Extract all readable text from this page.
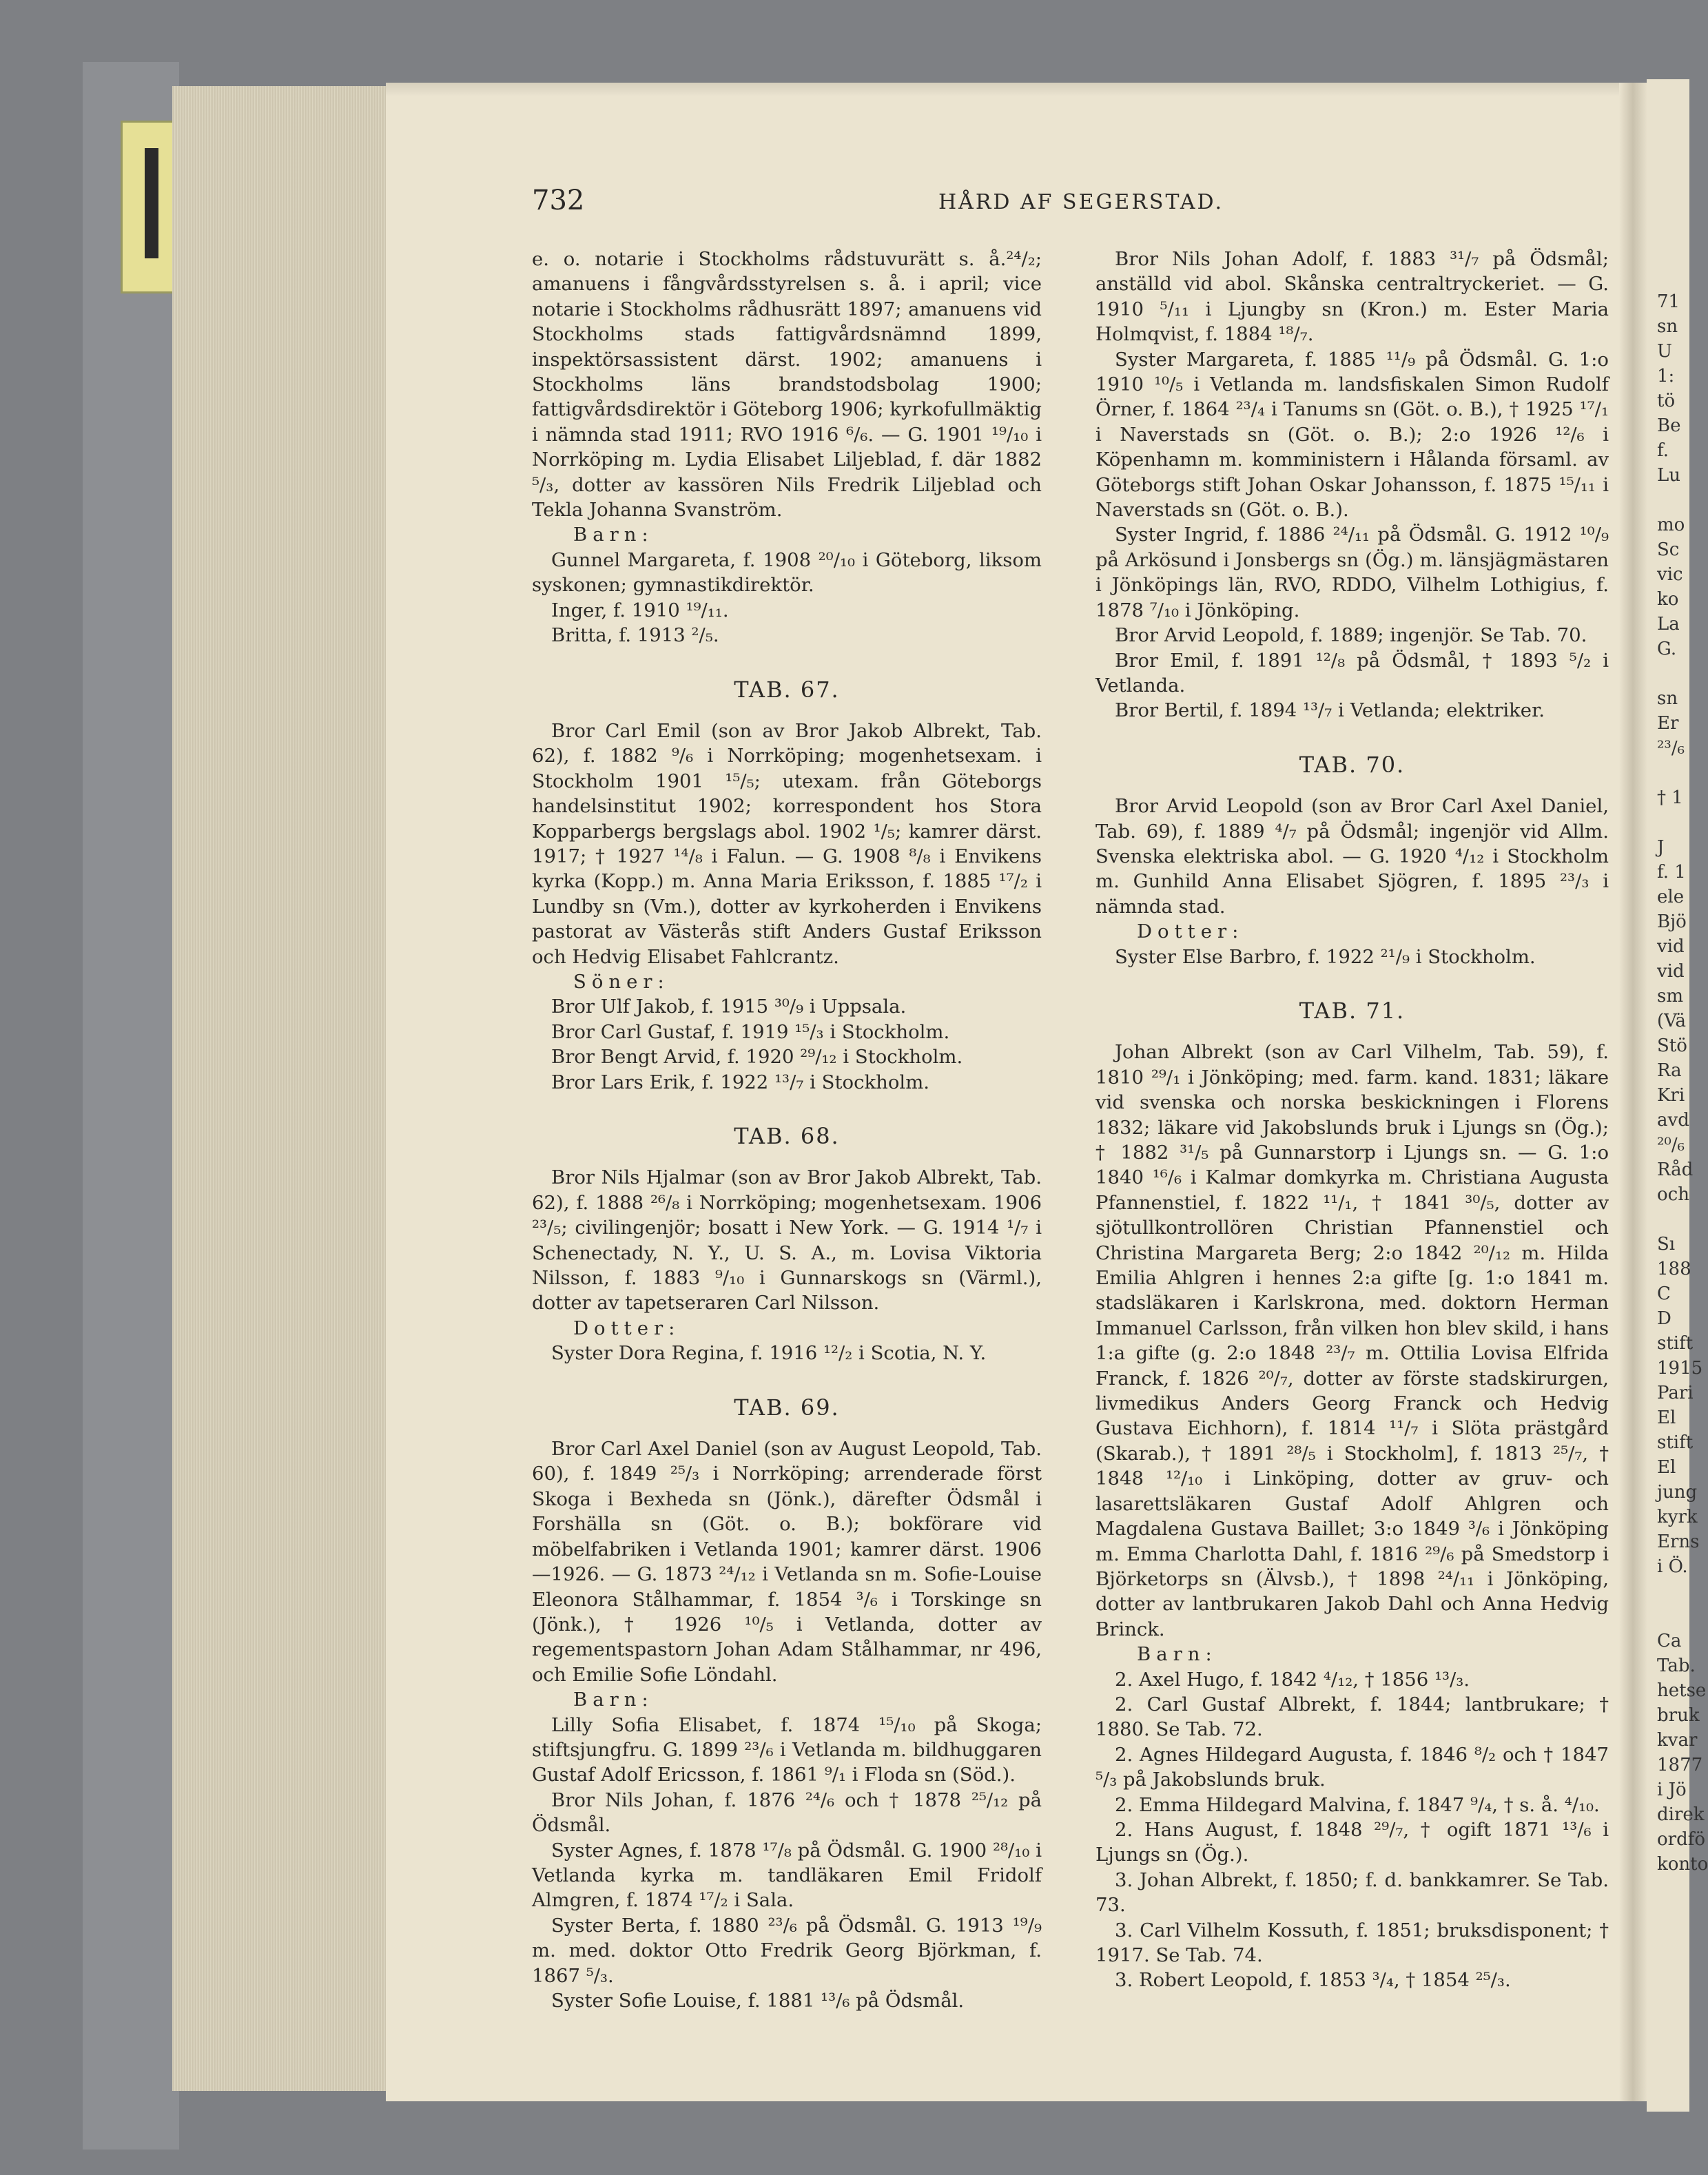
732	HÅRD AF SEGERSTAD.

e. o. notarie i Stockholms rådstuvurätt s. å.²⁴/₂; amanuens i fångvårdsstyrelsen s. å. i april; vice notarie i Stockholms rådhusrätt 1897; amanuens vid Stockholms stads fattigvårdsnämnd 1899, inspektörsassistent därst. 1902; amanuens i Stockholms läns brandstodsbolag 1900; fattigvårdsdirektör i Göteborg 1906; kyrkofullmäktig i nämnda stad 1911; RVO 1916 ⁶/₆. — G. 1901 ¹⁹/₁₀ i Norrköping m. Lydia Elisabet Liljeblad, f. där 1882 ⁵/₃, dotter av kassören Nils Fredrik Liljeblad och Tekla Johanna Svanström.

Barn:

Gunnel Margareta, f. 1908 ²⁰/₁₀ i Göteborg, liksom syskonen; gymnastikdirektör.

Inger, f. 1910 ¹⁹/₁₁.

Britta, f. 1913 ²/₅.

TAB. 67.

Bror Carl Emil (son av Bror Jakob Albrekt, Tab. 62), f. 1882 ⁹/₆ i Norrköping; mogenhetsexam. i Stockholm 1901 ¹⁵/₅; utexam. från Göteborgs handelsinstitut 1902; korrespondent hos Stora Kopparbergs bergslags abol. 1902 ¹/₅; kamrer därst. 1917; † 1927 ¹⁴/₈ i Falun. — G. 1908 ⁸/₈ i Envikens kyrka (Kopp.) m. Anna Maria Eriksson, f. 1885 ¹⁷/₂ i Lundby sn (Vm.), dotter av kyrkoherden i Envikens pastorat av Västerås stift Anders Gustaf Eriksson och Hedvig Elisabet Fahlcrantz.

Söner:

Bror Ulf Jakob, f. 1915 ³⁰/₉ i Uppsala.

Bror Carl Gustaf, f. 1919 ¹⁵/₃ i Stockholm.

Bror Bengt Arvid, f. 1920 ²⁹/₁₂ i Stockholm.

Bror Lars Erik, f. 1922 ¹³/₇ i Stockholm.

TAB. 68.

Bror Nils Hjalmar (son av Bror Jakob Albrekt, Tab. 62), f. 1888 ²⁶/₈ i Norrköping; mogenhetsexam. 1906 ²³/₅; civilingenjör; bosatt i New York. — G. 1914 ¹/₇ i Schenectady, N. Y., U. S. A., m. Lovisa Viktoria Nilsson, f. 1883 ⁹/₁₀ i Gunnarskogs sn (Värml.), dotter av tapetseraren Carl Nilsson.

Dotter:

Syster Dora Regina, f. 1916 ¹²/₂ i Scotia, N. Y.

TAB. 69.

Bror Carl Axel Daniel (son av August Leopold, Tab. 60), f. 1849 ²⁵/₃ i Norrköping; arrenderade först Skoga i Bexheda sn (Jönk.), därefter Ödsmål i Forshälla sn (Göt. o. B.); bokförare vid möbelfabriken i Vetlanda 1901; kamrer därst. 1906—1926. — G. 1873 ²⁴/₁₂ i Vetlanda sn m. Sofie-Louise Eleonora Stålhammar, f. 1854 ³/₆ i Torskinge sn (Jönk.), † 1926 ¹⁰/₅ i Vetlanda, dotter av regementspastorn Johan Adam Stålhammar, nr 496, och Emilie Sofie Löndahl.

Barn:

Lilly Sofia Elisabet, f. 1874 ¹⁵/₁₀ på Skoga; stiftsjungfru. G. 1899 ²³/₆ i Vetlanda m. bildhuggaren Gustaf Adolf Ericsson, f. 1861 ⁹/₁ i Floda sn (Söd.).

Bror Nils Johan, f. 1876 ²⁴/₆ och † 1878 ²⁵/₁₂ på Ödsmål.

Syster Agnes, f. 1878 ¹⁷/₈ på Ödsmål. G. 1900 ²⁸/₁₀ i Vetlanda kyrka m. tandläkaren Emil Fridolf Almgren, f. 1874 ¹⁷/₂ i Sala.

Syster Berta, f. 1880 ²³/₆ på Ödsmål. G. 1913 ¹⁹/₉ m. med. doktor Otto Fredrik Georg Björkman, f. 1867 ⁵/₃.

Syster Sofie Louise, f. 1881 ¹³/₆ på Ödsmål.

Bror Nils Johan Adolf, f. 1883 ³¹/₇ på Ödsmål; anställd vid abol. Skånska centraltryckeriet. — G. 1910 ⁵/₁₁ i Ljungby sn (Kron.) m. Ester Maria Holmqvist, f. 1884 ¹⁸/₇.

Syster Margareta, f. 1885 ¹¹/₉ på Ödsmål. G. 1:o 1910 ¹⁰/₅ i Vetlanda m. landsfiskalen Simon Rudolf Örner, f. 1864 ²³/₄ i Tanums sn (Göt. o. B.), † 1925 ¹⁷/₁ i Naverstads sn (Göt. o. B.); 2:o 1926 ¹²/₆ i Köpenhamn m. komministern i Hålanda församl. av Göteborgs stift Johan Oskar Johansson, f. 1875 ¹⁵/₁₁ i Naverstads sn (Göt. o. B.).

Syster Ingrid, f. 1886 ²⁴/₁₁ på Ödsmål. G. 1912 ¹⁰/₉ på Arkösund i Jonsbergs sn (Ög.) m. länsjägmästaren i Jönköpings län, RVO, RDDO, Vilhelm Lothigius, f. 1878 ⁷/₁₀ i Jönköping.

Bror Arvid Leopold, f. 1889; ingenjör. Se Tab. 70.

Bror Emil, f. 1891 ¹²/₈ på Ödsmål, † 1893 ⁵/₂ i Vetlanda.

Bror Bertil, f. 1894 ¹³/₇ i Vetlanda; elektriker.

TAB. 70.

Bror Arvid Leopold (son av Bror Carl Axel Daniel, Tab. 69), f. 1889 ⁴/₇ på Ödsmål; ingenjör vid Allm. Svenska elektriska abol. — G. 1920 ⁴/₁₂ i Stockholm m. Gunhild Anna Elisabet Sjögren, f. 1895 ²³/₃ i nämnda stad.

Dotter:

Syster Else Barbro, f. 1922 ²¹/₉ i Stockholm.

TAB. 71.

Johan Albrekt (son av Carl Vilhelm, Tab. 59), f. 1810 ²⁹/₁ i Jönköping; med. farm. kand. 1831; läkare vid svenska och norska beskickningen i Florens 1832; läkare vid Jakobslunds bruk i Ljungs sn (Ög.); † 1882 ³¹/₅ på Gunnarstorp i Ljungs sn. — G. 1:o 1840 ¹⁶/₆ i Kalmar domkyrka m. Christiana Augusta Pfannenstiel, f. 1822 ¹¹/₁, † 1841 ³⁰/₅, dotter av sjötullkontrollören Christian Pfannenstiel och Christina Margareta Berg; 2:o 1842 ²⁰/₁₂ m. Hilda Emilia Ahlgren i hennes 2:a gifte [g. 1:o 1841 m. stadsläkaren i Karlskrona, med. doktorn Herman Immanuel Carlsson, från vilken hon blev skild, i hans 1:a gifte (g. 2:o 1848 ²³/₇ m. Ottilia Lovisa Elfrida Franck, f. 1826 ²⁰/₇, dotter av förste stadskirurgen, livmedikus Anders Georg Franck och Hedvig Gustava Eichhorn), f. 1814 ¹¹/₇ i Slöta prästgård (Skarab.), † 1891 ²⁸/₅ i Stockholm], f. 1813 ²⁵/₇, † 1848 ¹²/₁₀ i Linköping, dotter av gruv- och lasarettsläkaren Gustaf Adolf Ahlgren och Magdalena Gustava Baillet; 3:o 1849 ³/₆ i Jönköping m. Emma Charlotta Dahl, f. 1816 ²⁹/₆ på Smedstorp i Björketorps sn (Älvsb.), † 1898 ²⁴/₁₁ i Jönköping, dotter av lantbrukaren Jakob Dahl och Anna Hedvig Brinck.

Barn:

2. Axel Hugo, f. 1842 ⁴/₁₂, † 1856 ¹³/₃.

2. Carl Gustaf Albrekt, f. 1844; lantbrukare; † 1880. Se Tab. 72.

2. Agnes Hildegard Augusta, f. 1846 ⁸/₂ och † 1847 ⁵/₃ på Jakobslunds bruk.

2. Emma Hildegard Malvina, f. 1847 ⁹/₄, † s. å. ⁴/₁₀.

2. Hans August, f. 1848 ²⁹/₇, † ogift 1871 ¹³/₆ i Ljungs sn (Ög.).

3. Johan Albrekt, f. 1850; f. d. bankkamrer. Se Tab. 73.

3. Carl Vilhelm Kossuth, f. 1851; bruksdisponent; † 1917. Se Tab. 74.

3. Robert Leopold, f. 1853 ³/₄, † 1854 ²⁵/₃.

71
sn
U
1:
tö
Be
f.
Lu
mo
Sc
vic
ko
La
G.
sn
Er
²³/₆
† 1
J
f. 1
ele
Bjö
vid
vid
sm
(Vä
Stö
Ra
Kri
avd
²⁰/₆
Råd
och
Sı
188
C
D
stift
1915
Pari
El
stift
El
jung
kyrk
Erns
i Ö.
Ca
Tab.
hetse
bruk
kvar
1877
i Jö
direk
ordfö
konto
